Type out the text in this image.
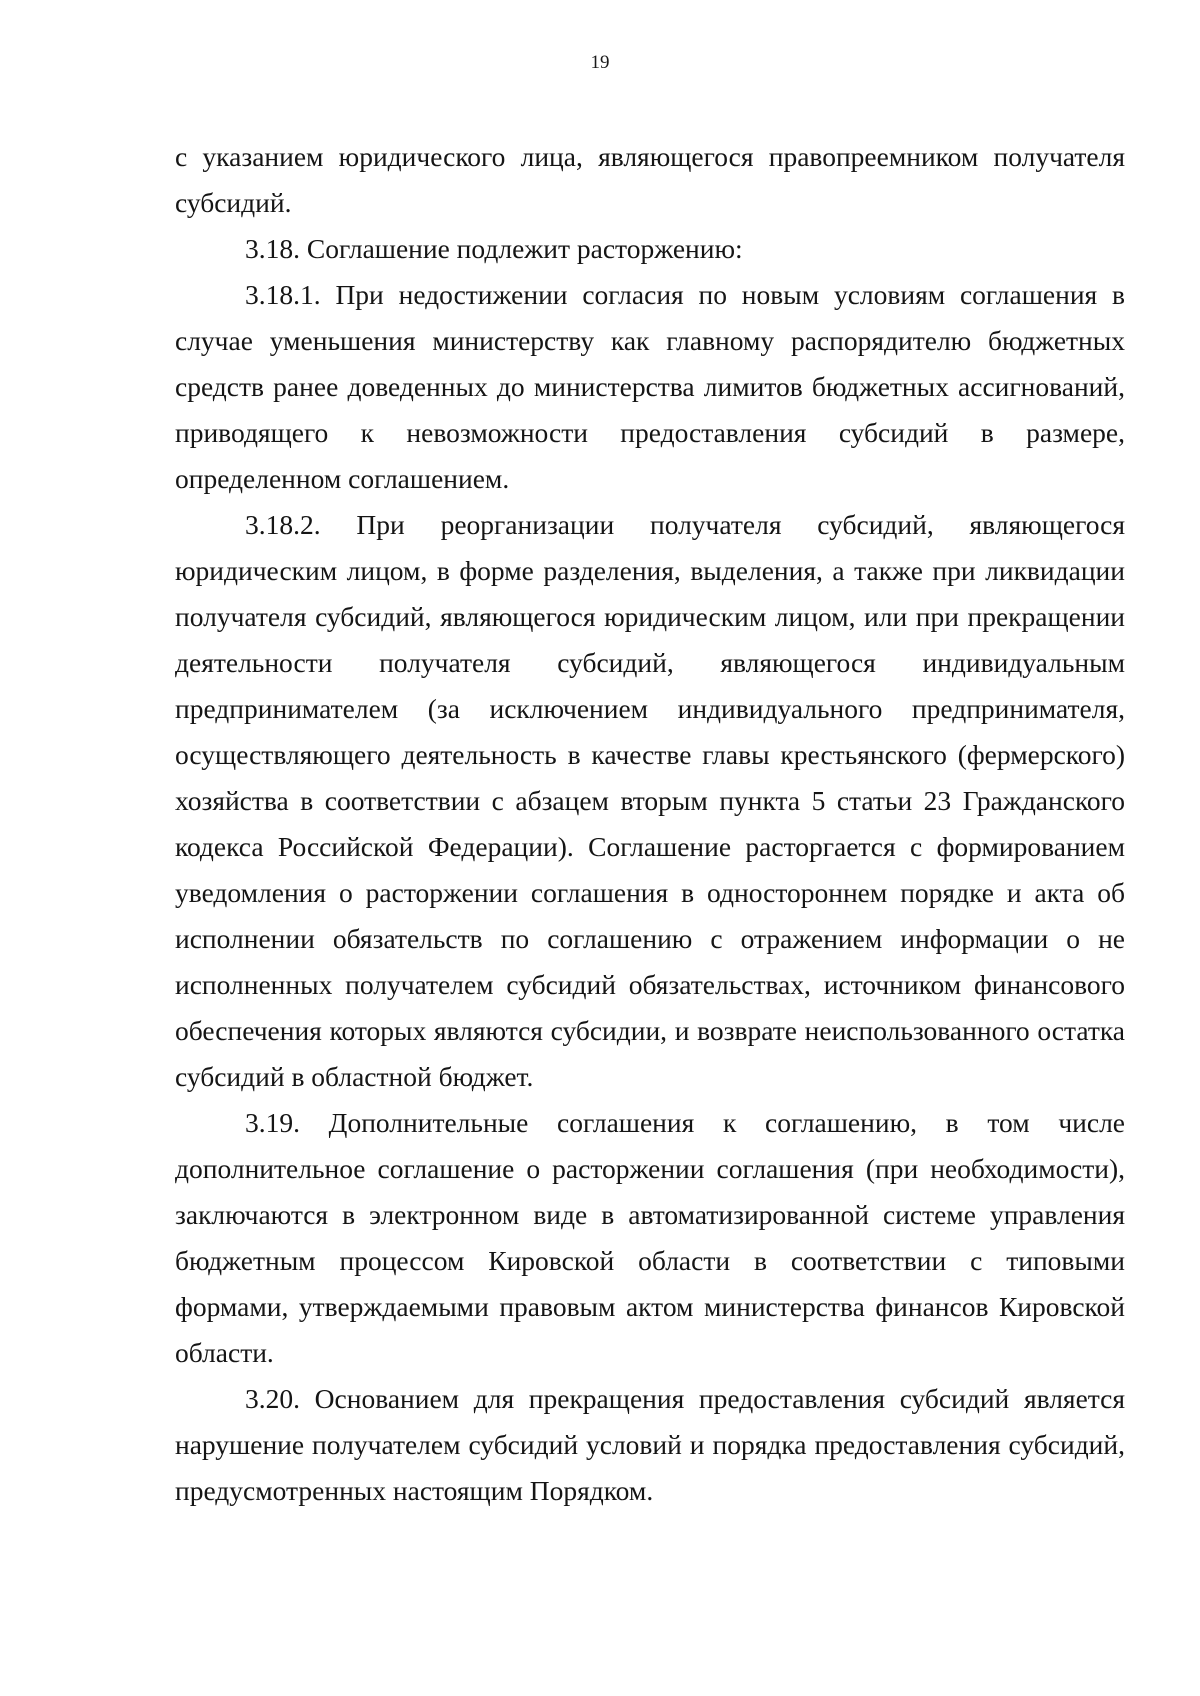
19

с указанием юридического лица, являющегося правопреемником получателя субсидий.

3.18. Соглашение подлежит расторжению:

3.18.1. При недостижении согласия по новым условиям соглашения в случае уменьшения министерству как главному распорядителю бюджетных средств ранее доведенных до министерства лимитов бюджетных ассигнований, приводящего к невозможности предоставления субсидий в размере, определенном соглашением.

3.18.2. При реорганизации получателя субсидий, являющегося юридическим лицом, в форме разделения, выделения, а также при ликвидации получателя субсидий, являющегося юридическим лицом, или при прекращении деятельности получателя субсидий, являющегося индивидуальным предпринимателем (за исключением индивидуального предпринимателя, осуществляющего деятельность в качестве главы крестьянского (фермерского) хозяйства в соответствии с абзацем вторым пункта 5 статьи 23 Гражданского кодекса Российской Федерации). Соглашение расторгается с формированием уведомления о расторжении соглашения в одностороннем порядке и акта об исполнении обязательств по соглашению с отражением информации о не исполненных получателем субсидий обязательствах, источником финансового обеспечения которых являются субсидии, и возврате неиспользованного остатка субсидий в областной бюджет.

3.19. Дополнительные соглашения к соглашению, в том числе дополнительное соглашение о расторжении соглашения (при необходимости), заключаются в электронном виде в автоматизированной системе управления бюджетным процессом Кировской области в соответствии с типовыми формами, утверждаемыми правовым актом министерства финансов Кировской области.

3.20. Основанием для прекращения предоставления субсидий является нарушение получателем субсидий условий и порядка предоставления субсидий, предусмотренных настоящим Порядком.
